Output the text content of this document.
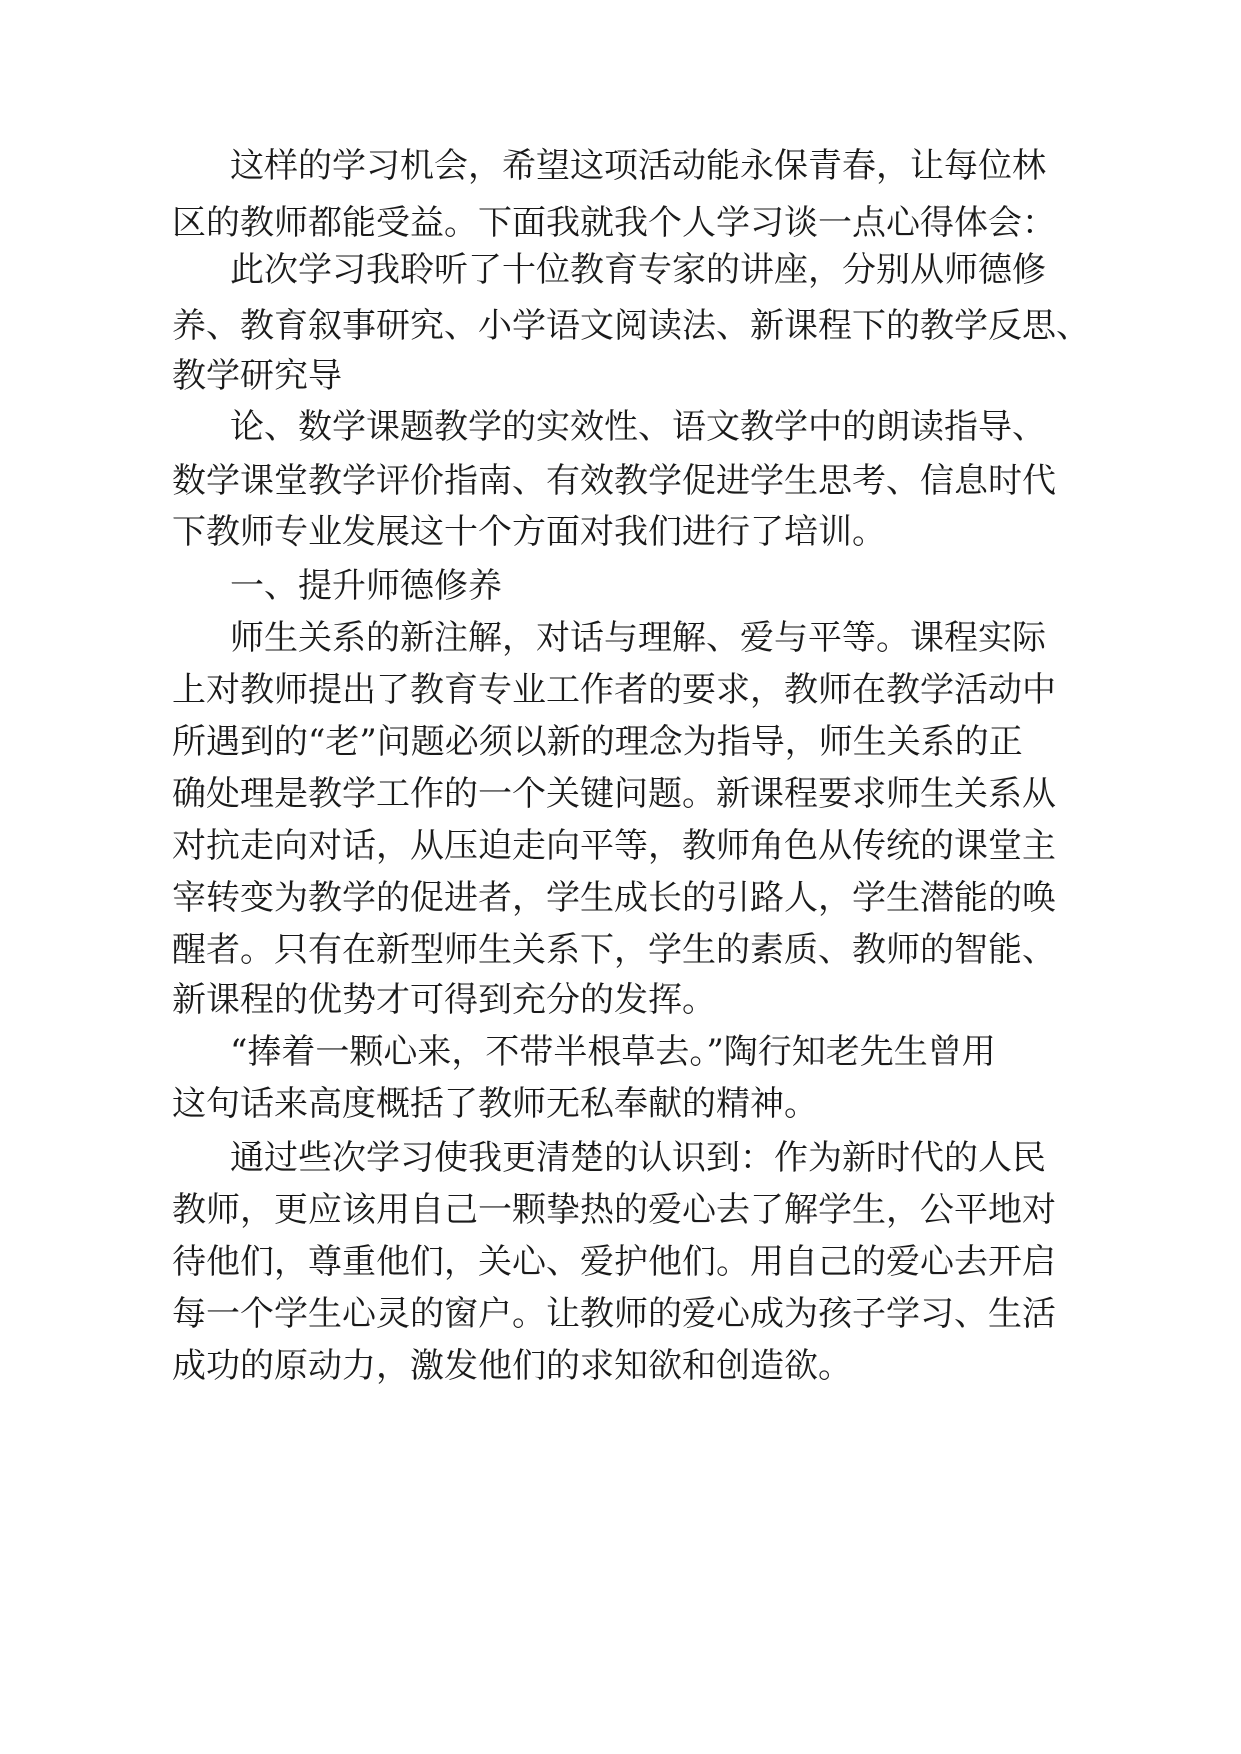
这样的学习机会，希望这项活动能永保青春，让每位林
区的教师都能受益。下面我就我个人学习谈一点心得体会：
此次学习我聆听了十位教育专家的讲座，分别从师德修
养、教育叙事研究、小学语文阅读法、新课程下的教学反思、
教学研究导
论、数学课题教学的实效性、语文教学中的朗读指导、
数学课堂教学评价指南、有效教学促进学生思考、信息时代
下教师专业发展这十个方面对我们进行了培训。
一、提升师德修养
师生关系的新注解，对话与理解、爱与平等。课程实际
上对教师提出了教育专业工作者的要求，教师在教学活动中
所遇到的“老”问题必须以新的理念为指导，师生关系的正
确处理是教学工作的一个关键问题。新课程要求师生关系从
对抗走向对话，从压迫走向平等，教师角色从传统的课堂主
宰转变为教学的促进者，学生成长的引路人，学生潜能的唤
醒者。只有在新型师生关系下，学生的素质、教师的智能、
新课程的优势才可得到充分的发挥。
“捧着一颗心来，不带半根草去。”陶行知老先生曾用
这句话来高度概括了教师无私奉献的精神。
通过些次学习使我更清楚的认识到：作为新时代的人民
教师，更应该用自己一颗挚热的爱心去了解学生，公平地对
待他们，尊重他们，关心、爱护他们。用自己的爱心去开启
每一个学生心灵的窗户。让教师的爱心成为孩子学习、生活
成功的原动力，激发他们的求知欲和创造欲。
